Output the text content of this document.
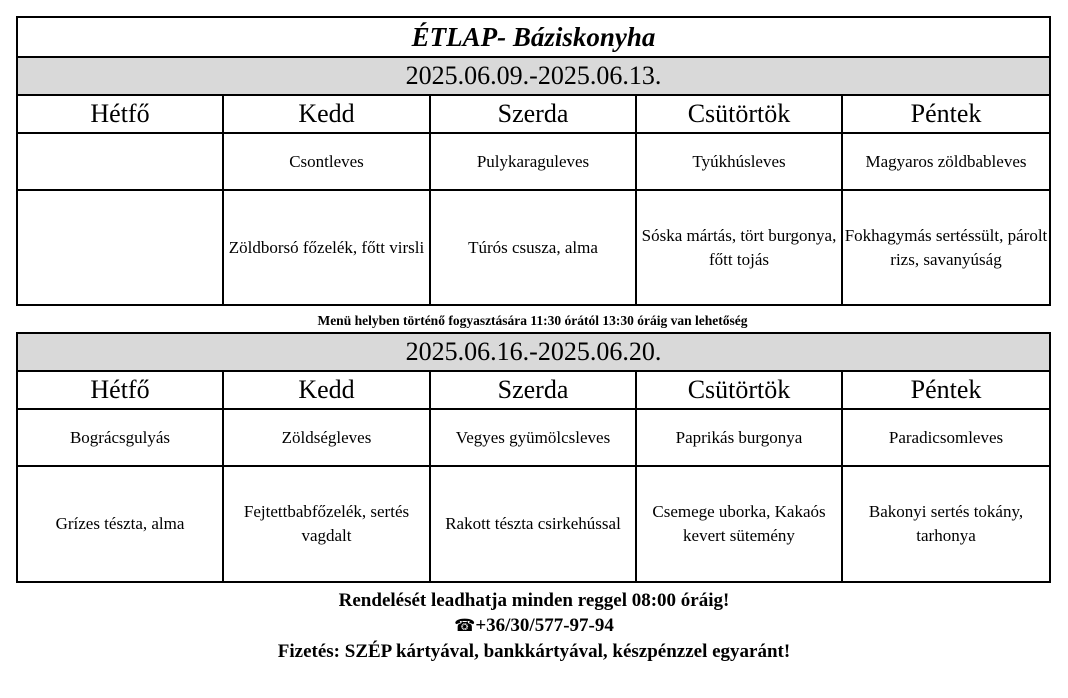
ÉTLAP- Báziskonyha				
2025.06.09.-2025.06.13.				
Hétfő	Kedd	Szerda	Csütörtök	Péntek
	Csontleves	Pulykaraguleves	Tyúkhúsleves	Magyaros zöldbableves
	Zöldborsó főzelék, főtt virsli	Túrós csusza, alma	Sóska mártás, tört burgonya, főtt tojás	Fokhagymás sertéssült, párolt rizs, savanyúság
Menü helyben történő fogyasztására 11:30 órától 13:30 óráig van lehetőség
2025.06.16.-2025.06.20.				
Hétfő	Kedd	Szerda	Csütörtök	Péntek
Bográcsgulyás	Zöldségleves	Vegyes gyümölcsleves	Paprikás burgonya	Paradicsomleves
Grízes tészta, alma	Fejtettbabfőzelék, sertés vagdalt	Rakott tészta csirkehússal	Csemege uborka, Kakaós kevert sütemény	Bakonyi sertés tokány, tarhonya
Rendelését leadhatja minden reggel 08:00 óráig!
☎+36/30/577-97-94
Fizetés: SZÉP kártyával, bankkártyával, készpénzzel egyaránt!
